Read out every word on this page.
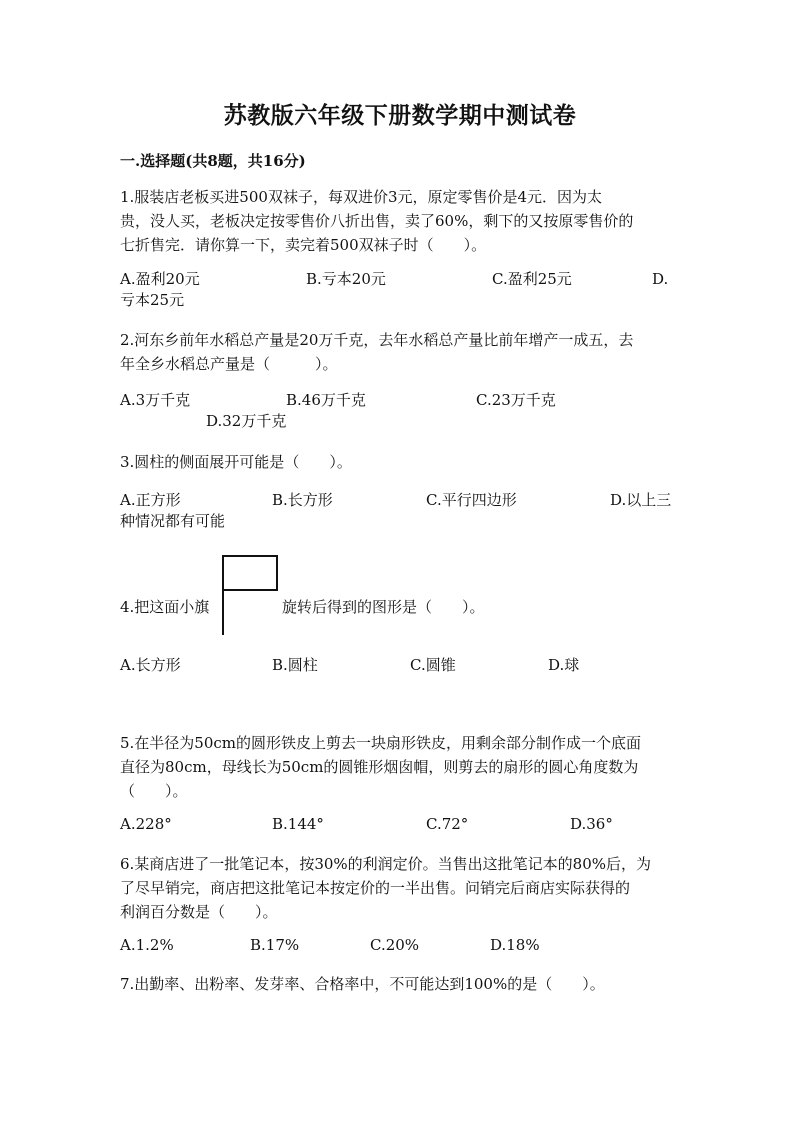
苏教版六年级下册数学期中测试卷
一.选择题(共8题，共16分)
1.服装店老板买进500双袜子，每双进价3元，原定零售价是4元．因为太
贵，没人买，老板决定按零售价八折出售，卖了60%，剩下的又按原零售价的
七折售完．请你算一下，卖完着500双袜子时（　　）。
A.盈利20元	B.亏本20元	C.盈利25元	D.
亏本25元
2.河东乡前年水稻总产量是20万千克，去年水稻总产量比前年增产一成五，去
年全乡水稻总产量是（　　　）。
A.3万千克	B.46万千克	C.23万千克
D.32万千克
3.圆柱的侧面展开可能是（　　）。
A.正方形	B.长方形	C.平行四边形	D.以上三
种情况都有可能
4.把这面小旗	旋转后得到的图形是（　　）。
A.长方形	B.圆柱	C.圆锥	D.球
5.在半径为50cm的圆形铁皮上剪去一块扇形铁皮，用剩余部分制作成一个底面
直径为80cm，母线长为50cm的圆锥形烟囱帽，则剪去的扇形的圆心角度数为
（　　）。
A.228°	B.144°	C.72°	D.36°
6.某商店进了一批笔记本，按30%的利润定价。当售出这批笔记本的80%后，为
了尽早销完，商店把这批笔记本按定价的一半出售。问销完后商店实际获得的
利润百分数是（　　）。
A.1.2%	B.17%	C.20%	D.18%
7.出勤率、出粉率、发芽率、合格率中，不可能达到100%的是（　　）。
